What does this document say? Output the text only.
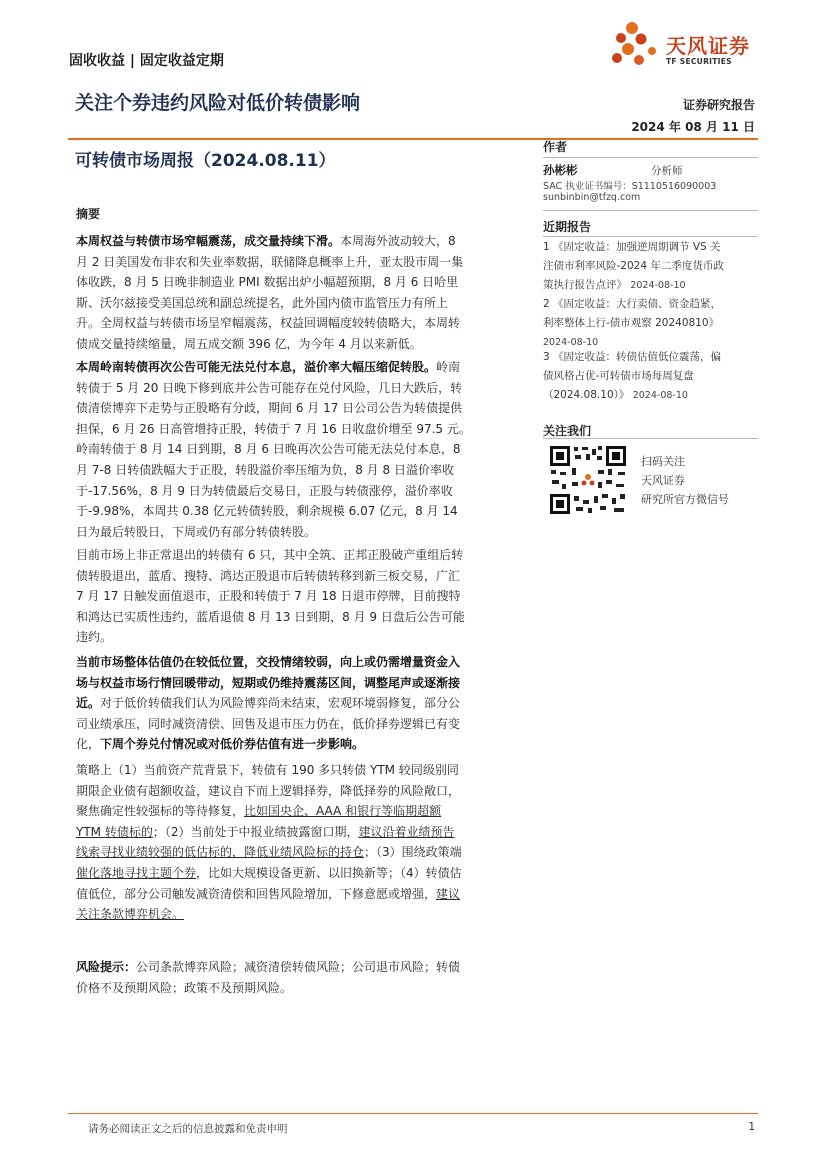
固收收益 | 固定收益定期
关注个券违约风险对低价转债影响	证券研究报告
2024 年 08 月 11 日
可转债市场周报（2024.08.11）
天风证券
TF SECURITIES
作者
孙彬彬	分析师
SAC 执业证书编号：S1110516090003
sunbinbin@tfzq.com
近期报告
1 《固定收益：加强逆周期调节 VS 关
注债市利率风险-2024 年二季度货币政
策执行报告点评》 2024-08-10
2 《固定收益：大行卖债、资金趋紧，
利率整体上行-债市观察 20240810》
2024-08-10
3 《固定收益：转债估值低位震荡，偏
债风格占优-可转债市场每周复盘
（2024.08.10）》 2024-08-10
关注我们
扫码关注
天风证券
研究所官方微信号
摘要
本周权益与转债市场窄幅震荡，成交量持续下滑。本周海外波动较大，8
月 2 日美国发布非农和失业率数据，联储降息概率上升，亚太股市周一集
体收跌，8 月 5 日晚非制造业 PMI 数据出炉小幅超预期，8 月 6 日哈里
斯、沃尔兹接受美国总统和副总统提名，此外国内债市监管压力有所上
升。全周权益与转债市场呈窄幅震荡，权益回调幅度较转债略大，本周转
债成交量持续缩量，周五成交额 396 亿，为今年 4 月以来新低。
本周岭南转债再次公告可能无法兑付本息，溢价率大幅压缩促转股。岭南
转债于 5 月 20 日晚下修到底并公告可能存在兑付风险，几日大跌后，转
债清偿博弈下走势与正股略有分歧，期间 6 月 17 日公司公告为转债提供
担保，6 月 26 日高管增持正股，转债于 7 月 16 日收盘价增至 97.5 元。
岭南转债于 8 月 14 日到期，8 月 6 日晚再次公告可能无法兑付本息，8
月 7-8 日转债跌幅大于正股，转股溢价率压缩为负，8 月 8 日溢价率收
于-17.56%，8 月 9 日为转债最后交易日，正股与转债涨停，溢价率收
于-9.98%，本周共 0.38 亿元转债转股，剩余规模 6.07 亿元，8 月 14
日为最后转股日，下周或仍有部分转债转股。
目前市场上非正常退出的转债有 6 只，其中全筑、正邦正股破产重组后转
债转股退出，蓝盾、搜特、鸿达正股退市后转债转移到新三板交易，广汇
7 月 17 日触发面值退市，正股和转债于 7 月 18 日退市停牌，目前搜特
和鸿达已实质性违约，蓝盾退债 8 月 13 日到期，8 月 9 日盘后公告可能
违约。
当前市场整体估值仍在较低位置，交投情绪较弱，向上或仍需增量资金入
场与权益市场行情回暖带动，短期或仍维持震荡区间，调整尾声或逐渐接
近。对于低价转债我们认为风险博弈尚未结束，宏观环境弱修复，部分公
司业绩承压，同时减资清偿、回售及退市压力仍在，低价择券逻辑已有变
化，下周个券兑付情况或对低价券估值有进一步影响。
策略上（1）当前资产荒背景下，转债有 190 多只转债 YTM 较同级别同
期限企业债有超额收益，建议自下而上逻辑择券，降低择券的风险敞口，
聚焦确定性较强标的等待修复，比如国央企、AAA 和银行等临期超额
YTM 转债标的；（2）当前处于中报业绩披露窗口期，建议沿着业绩预告
线索寻找业绩较强的低估标的，降低业绩风险标的持仓；（3）围绕政策端
催化落地寻找主题个券，比如大规模设备更新、以旧换新等；（4）转债估
值低位，部分公司触发减资清偿和回售风险增加，下修意愿或增强，建议
关注条款博弈机会。
风险提示：公司条款博弈风险；减资清偿转债风险；公司退市风险；转债
价格不及预期风险；政策不及预期风险。
请务必阅读正文之后的信息披露和免责申明	1
